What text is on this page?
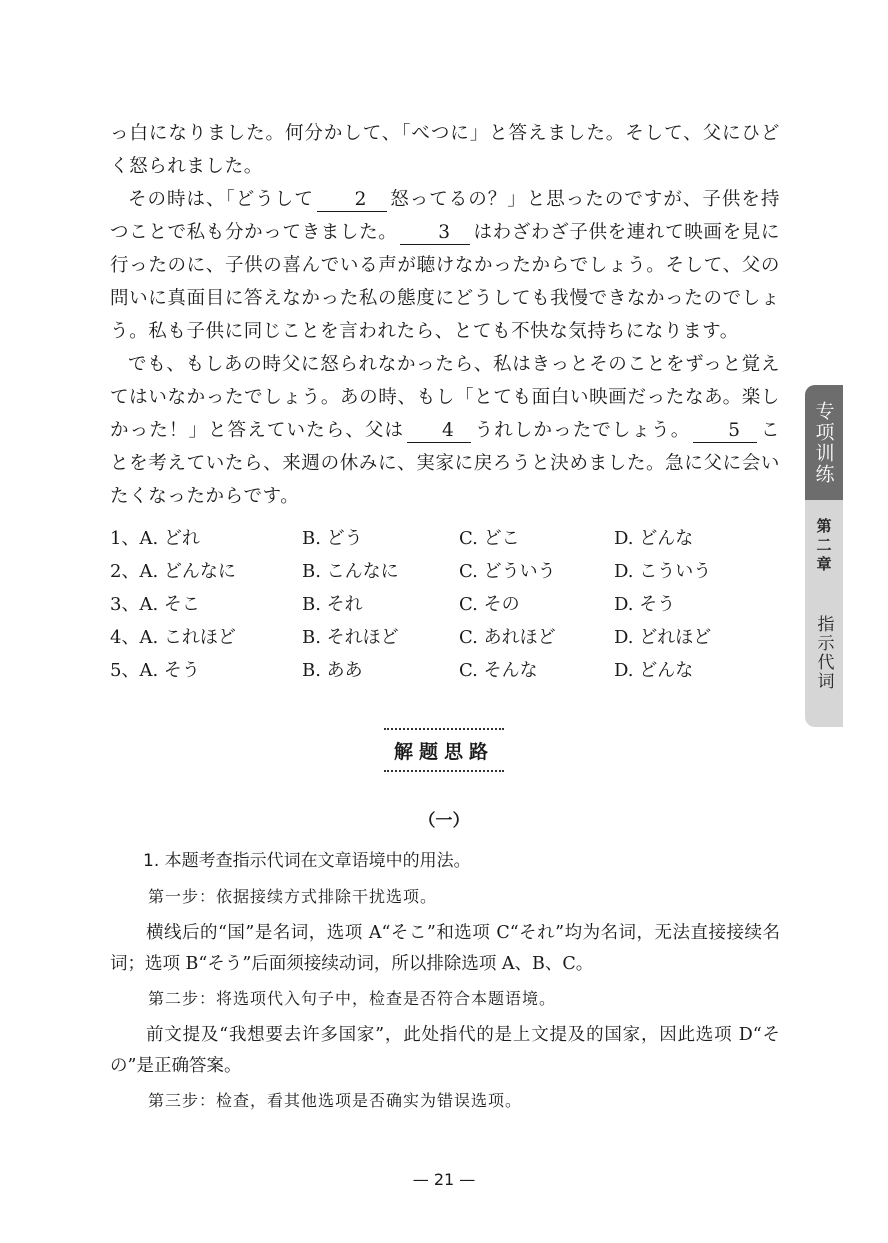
っ白になりました。何分かして、「べつに」と答えました。そして、父にひどく怒られました。

その時は、「どうして 2 怒ってるの？」と思ったのですが、子供を持つことで私も分かってきました。 3 はわざわざ子供を連れて映画を見に行ったのに、子供の喜んでいる声が聴けなかったからでしょう。そして、父の問いに真面目に答えなかった私の態度にどうしても我慢できなかったのでしょう。私も子供に同じことを言われたら、とても不快な気持ちになります。

でも、もしあの時父に怒られなかったら、私はきっとそのことをずっと覚えてはいなかったでしょう。あの時、もし「とても面白い映画だったなあ。楽しかった！」と答えていたら、父は 4 うれしかったでしょう。 5 ことを考えていたら、来週の休みに、実家に戻ろうと決めました。急に父に会いたくなったからです。

1、A. どれ	B. どう	C. どこ	D. どんな
2、A. どんなに	B. こんなに	C. どういう	D. こういう
3、A. そこ	B. それ	C. その	D. そう
4、A. これほど	B. それほど	C. あれほど	D. どれほど
5、A. そう	B. ああ	C. そんな	D. どんな
专项训练
第二章
指示代词
解题思路
（一）

1. 本题考查指示代词在文章语境中的用法。

第一步：依据接续方式排除干扰选项。

横线后的“国”是名词，选项 A“そこ”和选项 C“それ”均为名词，无法直接接续名词；选项 B“そう”后面须接续动词，所以排除选项 A、B、C。

第二步：将选项代入句子中，检查是否符合本题语境。

前文提及“我想要去许多国家”，此处指代的是上文提及的国家，因此选项 D“その”是正确答案。

第三步：检查，看其他选项是否确实为错误选项。

— 21 —
